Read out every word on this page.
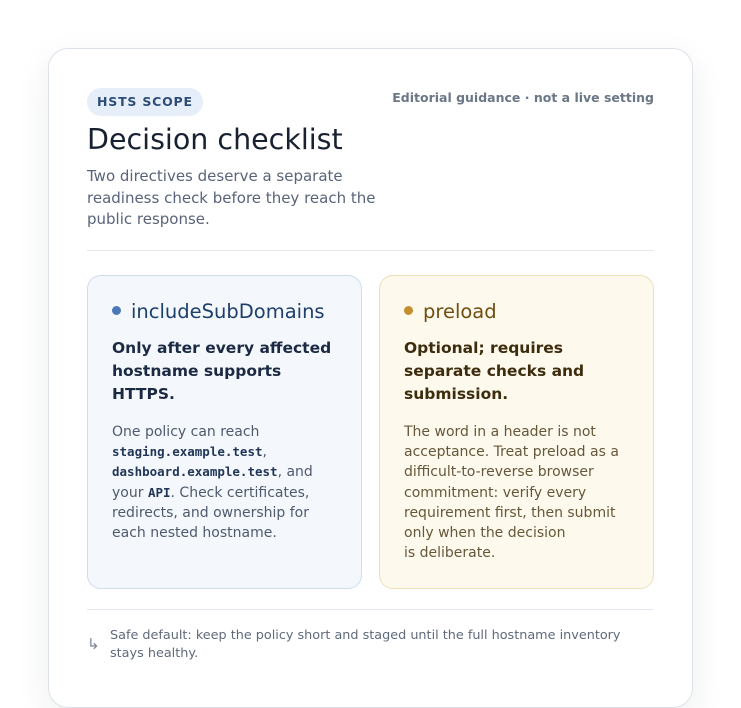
HSTS SCOPE	Editorial guidance · not a live setting
Decision checklist

Two directives deserve a separate readiness check before they reach the public response.

includeSubDomains

Only after every affected hostname supports HTTPS.

One policy can reach
staging.example.test,
dashboard.example.test, and
your API. Check certificates, redirects, and ownership for each nested hostname.

preload

Optional; requires separate checks and submission.

The word in a header is not acceptance. Treat preload as a difficult-to-reverse browser commitment: verify every requirement first, then submit only when the decision
is deliberate.

↳ Safe default: keep the policy short and staged until the full hostname inventory stays healthy.
